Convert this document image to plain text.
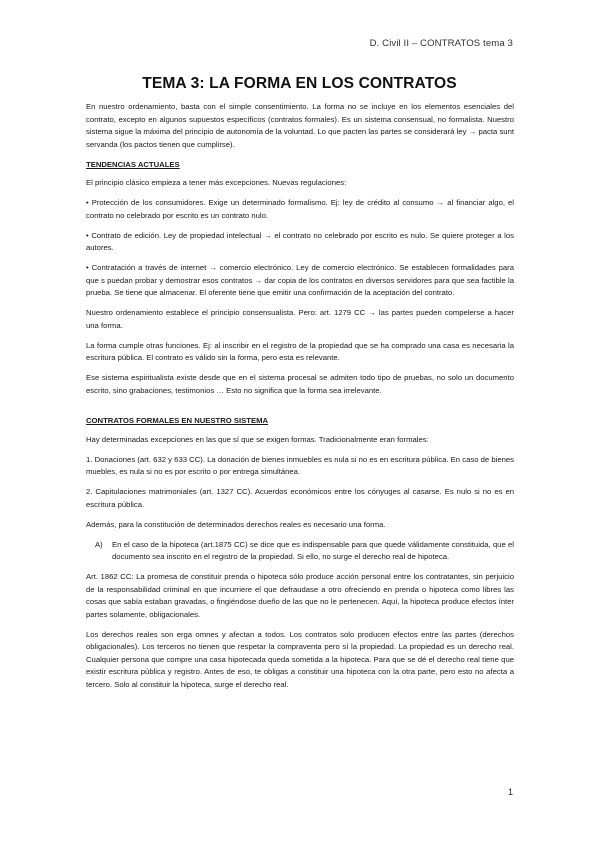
D. Civil II – CONTRATOS tema 3
TEMA 3: LA FORMA EN LOS CONTRATOS

En nuestro ordenamiento, basta con el simple consentimiento. La forma no se incluye en los elementos esenciales del contrato, excepto en algunos supuestos específicos (contratos formales). Es un sistema consensual, no formalista. Nuestro sistema sigue la máxima del principio de autonomía de la voluntad. Lo que pacten las partes se considerará ley → pacta sunt servanda (los pactos tienen que cumplirse).

TENDENCIAS ACTUALES

El principio clásico empieza a tener más excepciones. Nuevas regulaciones:

• Protección de los consumidores. Exige un determinado formalismo. Ej: ley de crédito al consumo → al financiar algo, el contrato no celebrado por escrito es un contrato nulo.

• Contrato de edición. Ley de propiedad intelectual → el contrato no celebrado por escrito es nulo. Se quiere proteger a los autores.

• Contratación a través de internet → comercio electrónico. Ley de comercio electrónico. Se establecen formalidades para que s puedan probar y demostrar esos contratos → dar copia de los contratos en diversos servidores para que sea factible la prueba. Se tiene que almacenar. El oferente tiene que emitir una confirmación de la aceptación del contrato.

Nuestro ordenamiento establece el principio consensualista. Pero: art. 1279 CC → las partes pueden compelerse a hacer una forma.

La forma cumple otras funciones. Ej: al inscribir en el registro de la propiedad que se ha comprado una casa es necesaria la escritura pública. El contrato es válido sin la forma, pero esta es relevante.

Ese sistema espiritualista existe desde que en el sistema procesal se admiten todo tipo de pruebas, no solo un documento escrito, sino grabaciones, testimonios … Esto no significa que la forma sea irrelevante.

CONTRATOS FORMALES EN NUESTRO SISTEMA

Hay determinadas excepciones en las que sí que se exigen formas. Tradicionalmente eran formales:

1. Donaciones (art. 632 y 633 CC). La donación de bienes inmuebles es nula si no es en escritura pública. En caso de bienes muebles, es nula si no es por escrito o por entrega simultánea.

2. Capitulaciones matrimoniales (art. 1327 CC). Acuerdos económicos entre los cónyuges al casarse. Es nulo si no es en escritura pública.

Además, para la constitución de determinados derechos reales es necesario una forma.

A)	En el caso de la hipoteca (art.1875 CC) se dice que es indispensable para que quede válidamente constituida, que el documento sea inscrito en el registro de la propiedad. Si ello, no surge el derecho real de hipoteca.

Art. 1862 CC: La promesa de constituir prenda o hipoteca sólo produce acción personal entre los contratantes, sin perjuicio de la responsabilidad criminal en que incurriere el que defraudase a otro ofreciendo en prenda o hipoteca como libres las cosas que sabía estaban gravadas, o fingiéndose dueño de las que no le pertenecen. Aquí, la hipoteca produce efectos ínter partes solamente, obligacionales.

Los derechos reales son erga omnes y afectan a todos. Los contratos solo producen efectos entre las partes (derechos obligacionales). Los terceros no tienen que respetar la compraventa pero sí la propiedad. La propiedad es un derecho real. Cualquier persona que compre una casa hipotecada queda sometida a la hipoteca. Para que se dé el derecho real tiene que existir escritura pública y registro. Antes de eso, te obligas a constituir una hipoteca con la otra parte, pero esto no afecta a tercero. Solo al constituir la hipoteca, surge el derecho real.

1
